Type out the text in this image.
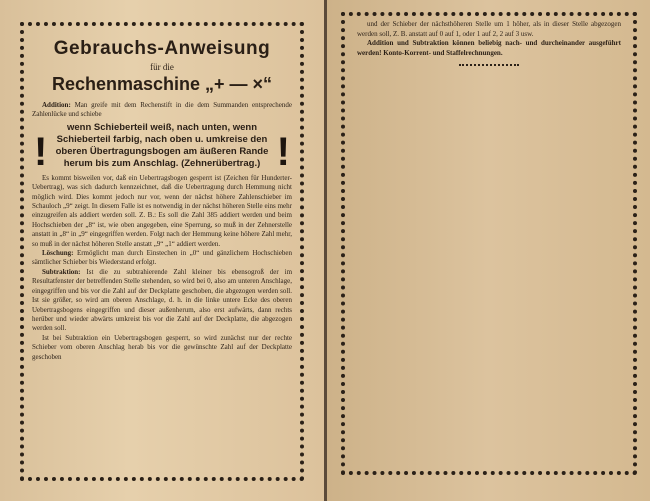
Gebrauchs-Anweisung
für die
Rechenmaschine „+ — ×“

Addition: Man greife mit dem Rechenstift in die dem Summanden entsprechende Zahlenlücke und schiebe

!
wenn Schieberteil weiß, nach unten, wenn Schieberteil farbig, nach oben u. umkreise den oberen Übertragungsbogen am äußeren Rande herum bis zum Anschlag. (Zehnerübertrag.) !

Es kommt bisweilen vor, daß ein Uebertragsbogen gesperrt ist (Zeichen für Hunderter-Uebertrag), was sich dadurch kennzeichnet, daß die Uebertragung durch Hemmung nicht möglich wird. Dies kommt jedoch nur vor, wenn der nächst höhere Zahlenschieber im Schauloch „9“ zeigt. In diesem Falle ist es notwendig in der nächst höheren Stelle eins mehr einzugreifen als addiert werden soll. Z. B.: Es soll die Zahl 385 addiert werden und beim Hochschieben der „8“ ist, wie oben angegeben, eine Sperrung, so muß in der Zehnerstelle anstatt in „8“ in „9“ eingegriffen werden. Folgt nach der Hemmung keine höhere Zahl mehr, so muß in der nächst höheren Stelle anstatt „9“ „1“ addiert werden.

Löschung: Ermöglicht man durch Einstechen in „0“ und gänzlichem Hochschieben sämtlicher Schieber bis Wiederstand erfolgt.

Subtraktion: Ist die zu subtrahierende Zahl kleiner bis ebensogroß der im Resultatfenster der betreffenden Stelle stehenden, so wird bei 0, also am unteren Anschlage, eingegriffen und bis vor die Zahl auf der Deckplatte geschoben, die abgezogen werden soll. Ist sie größer, so wird am oberen Anschlage, d. h. in die linke untere Ecke des oberen Uebertragsbogens eingegriffen und dieser außenherum, also erst aufwärts, dann rechts herüber und wieder abwärts umkreist bis vor die Zahl auf der Deckplatte, die abgezogen werden soll.

Ist bei Subtraktion ein Uebertragsbogen gesperrt, so wird zunächst nur der rechte Schieber vom oberen Anschlag herab bis vor die gewünschte Zahl auf der Deckplatte geschoben

und der Schieber der nächsthöheren Stelle um 1 höher, als in dieser Stelle abgezogen werden soll, Z. B. anstatt auf 0 auf 1, oder 1 auf 2, 2 auf 3 usw.

Addition und Subtraktion können beliebig nach- und durcheinander ausgeführt werden! Konto-Korrent- und Staffelrechnungen.
